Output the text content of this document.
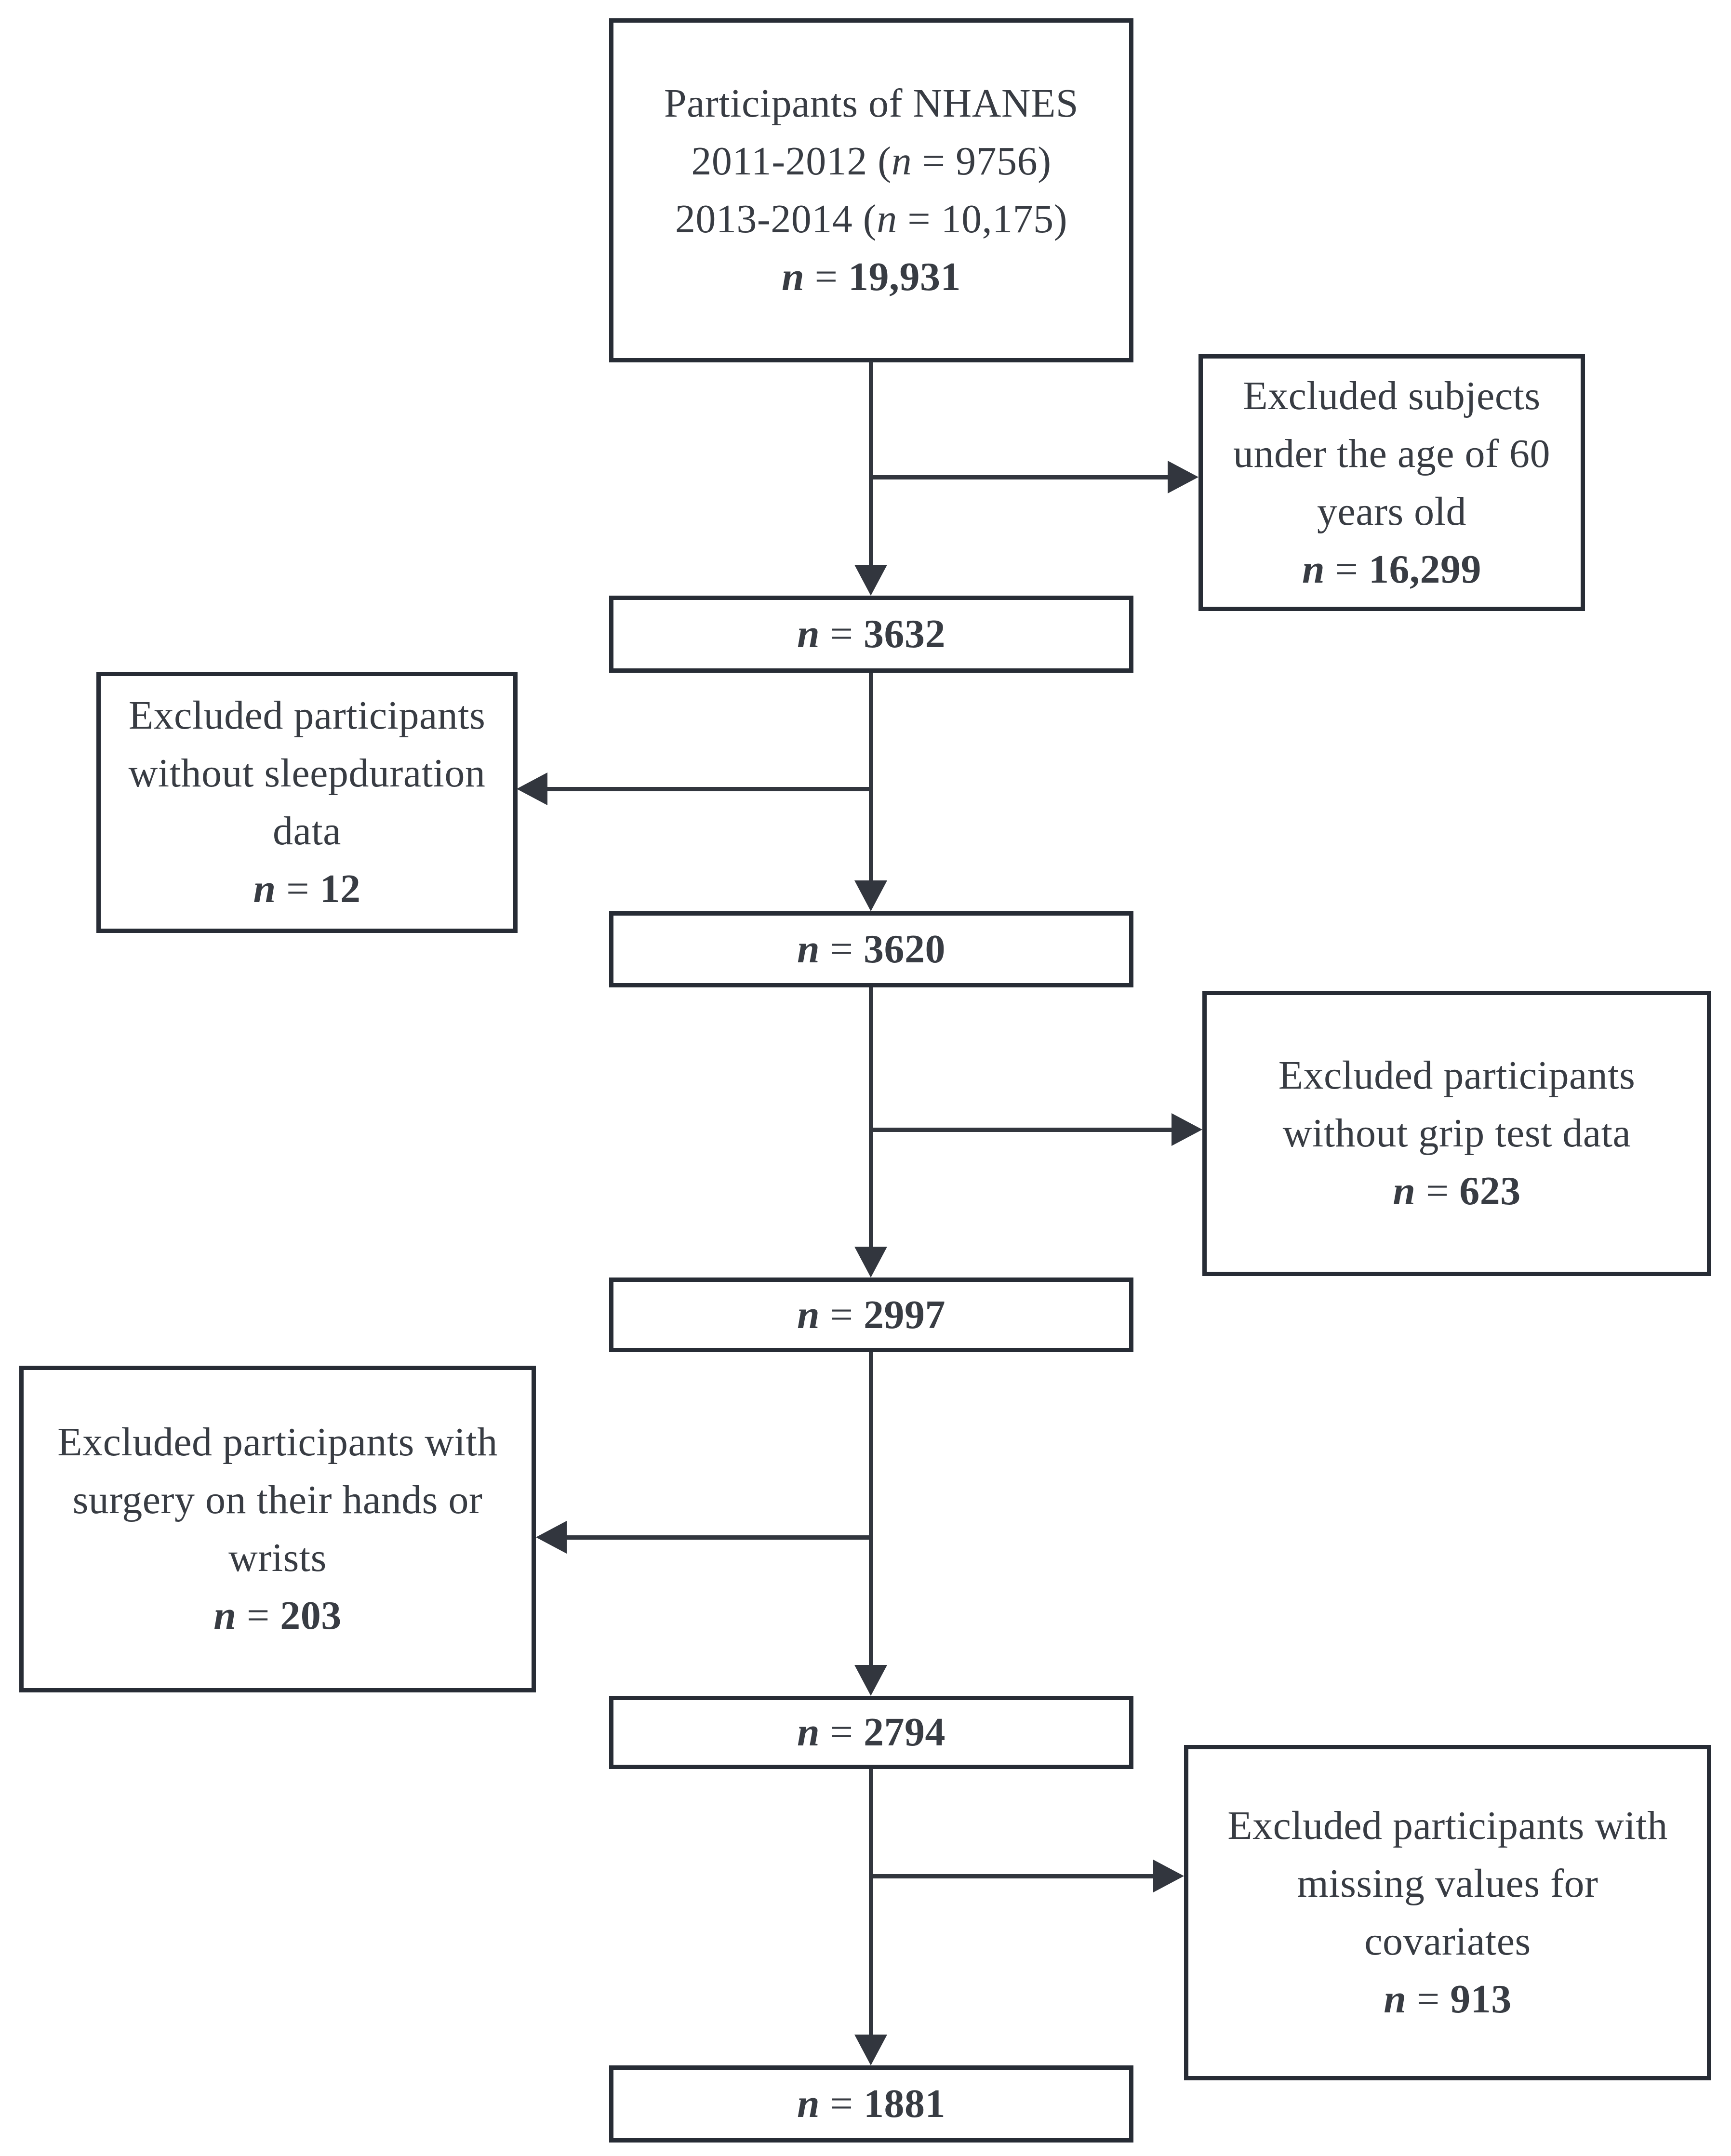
Participants of NHANES
2011-2012 (n = 9756)
2013-2014 (n = 10,175)
n = 19,931
n = 3632
n = 3620
n = 2997
n = 2794
n = 1881
Excluded subjects
under the age of 60
years old
n = 16,299
Excluded participants
without grip test data
n = 623
Excluded participants with
missing values for
covariates
n = 913
Excluded participants
without sleepduration
data
n = 12
Excluded participants with
surgery on their hands or
wrists
n = 203
